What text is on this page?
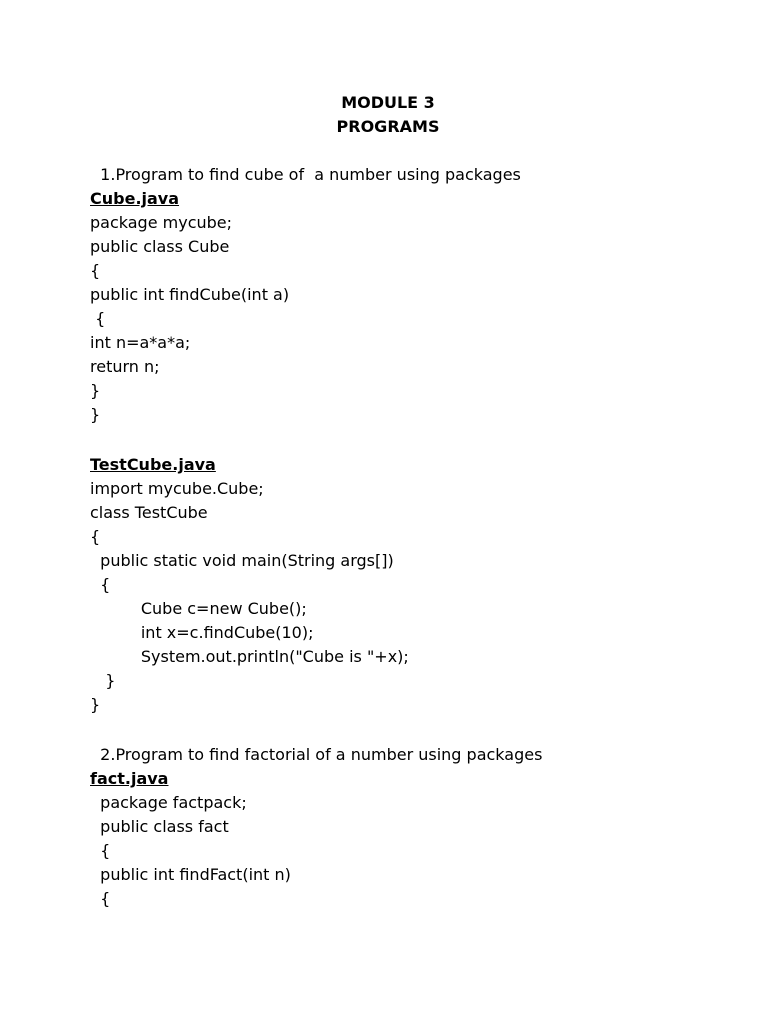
MODULE 3
PROGRAMS
1.Program to find cube of  a number using packages
Cube.java
package mycube;
public class Cube
{
public int findCube(int a)
{
int n=a*a*a;
return n;
}
}
TestCube.java
import mycube.Cube;
class TestCube
{
public static void main(String args[])
{
Cube c=new Cube();
int x=c.findCube(10);
System.out.println("Cube is "+x);
}
}
2.Program to find factorial of a number using packages
fact.java
package factpack;
public class fact
{
public int findFact(int n)
{
